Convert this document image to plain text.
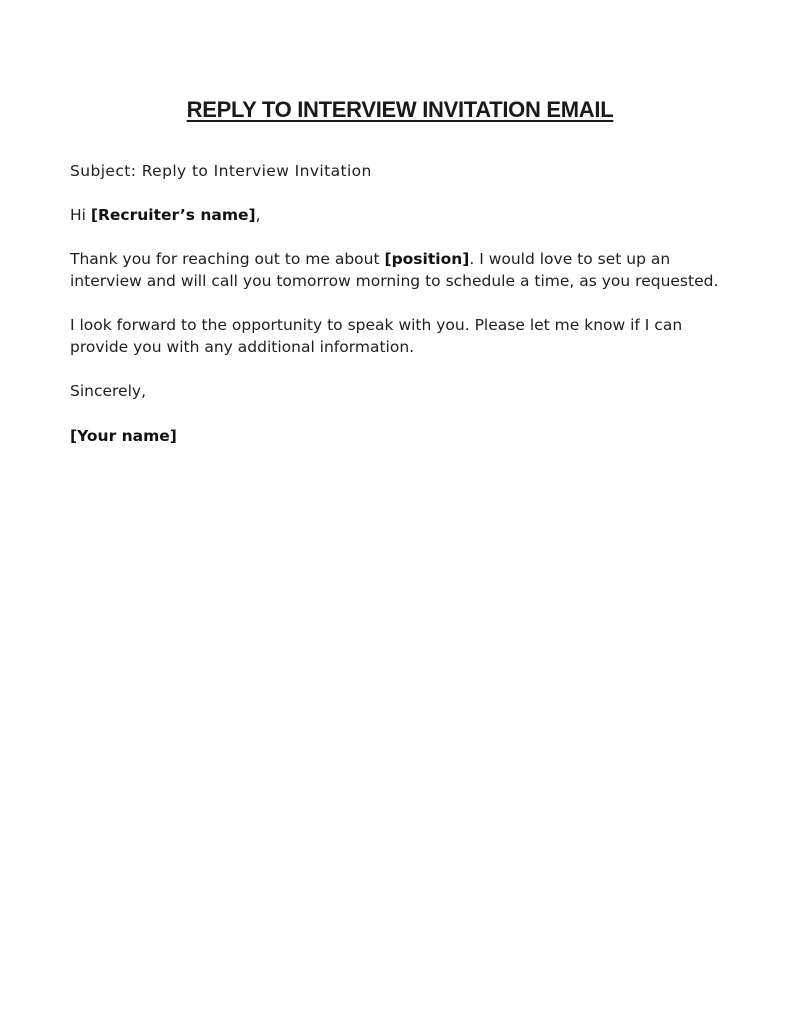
REPLY TO INTERVIEW INVITATION EMAIL

Subject: Reply to Interview Invitation

Hi [Recruiter’s name],

Thank you for reaching out to me about [position]. I would love to set up an
interview and will call you tomorrow morning to schedule a time, as you requested.

I look forward to the opportunity to speak with you. Please let me know if I can
provide you with any additional information.

Sincerely,

[Your name]
